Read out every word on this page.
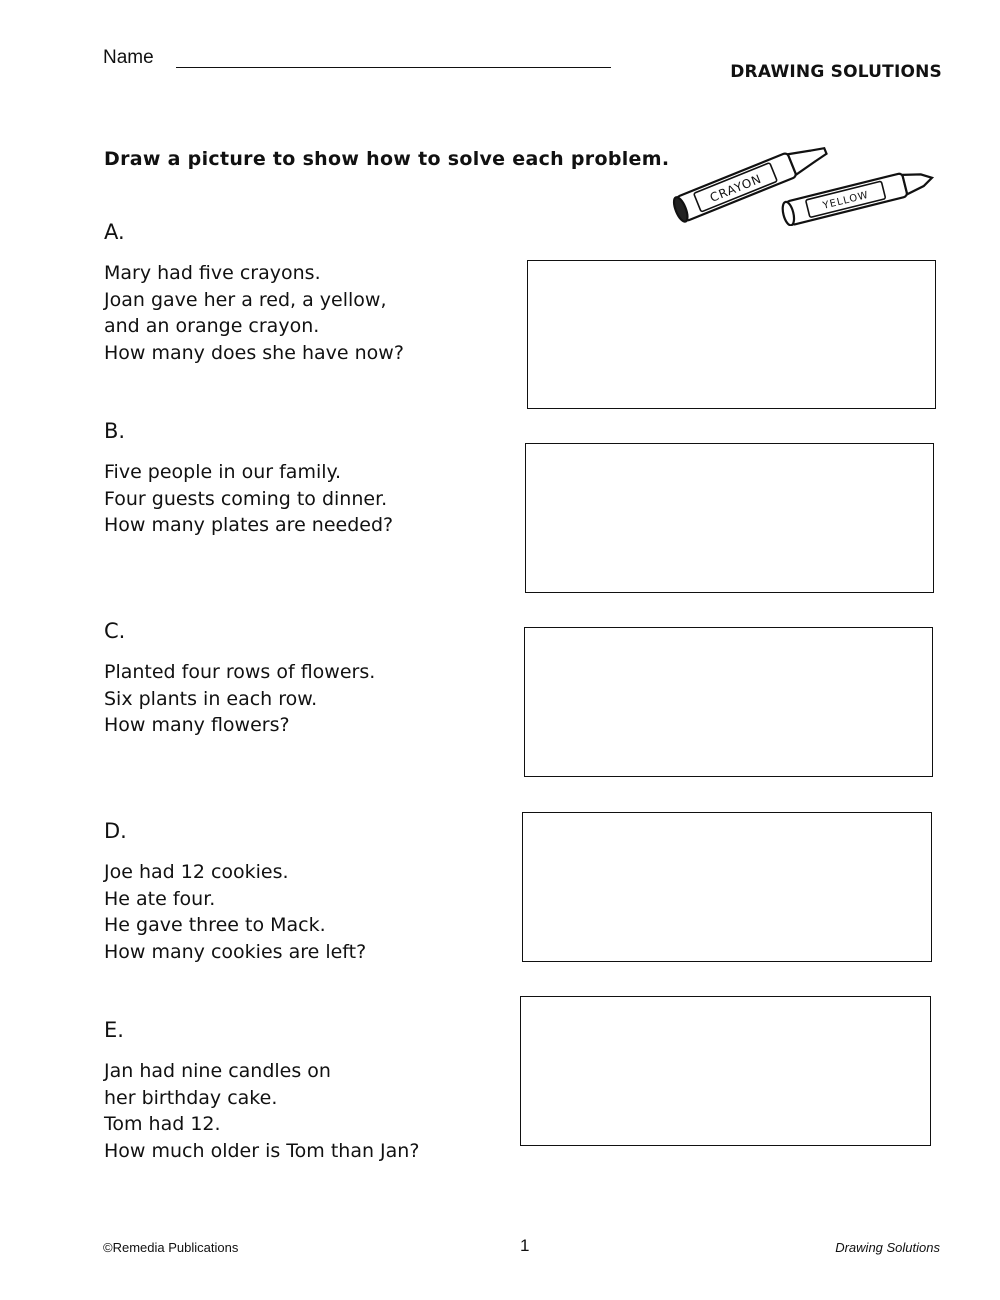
Name
DRAWING SOLUTIONS
Draw a picture to show how to solve each problem.
CRAYON	YELLOW
A.
Mary had five crayons.
Joan gave her a red, a yellow,
and an orange crayon.
How many does she have now?
B.
Five people in our family.
Four guests coming to dinner.
How many plates are needed?
C.
Planted four rows of flowers.
Six plants in each row.
How many flowers?
D.
Joe had 12 cookies.
He ate four.
He gave three to Mack.
How many cookies are left?
E.
Jan had nine candles on
her birthday cake.
Tom had 12.
How much older is Tom than Jan?
©Remedia Publications	1	Drawing Solutions
